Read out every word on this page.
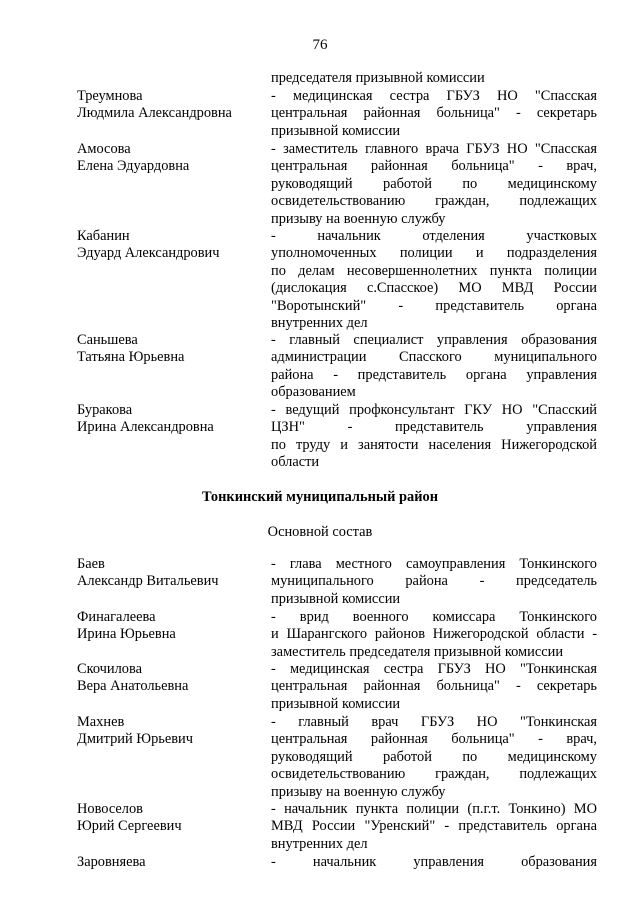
76
председателя призывной комиссии
Треумнова
Людмила Александровна
- медицинская сестра ГБУЗ НО "Спасская
центральная районная больница" - секретарь
призывной комиссии
Амосова
Елена Эдуардовна
- заместитель главного врача ГБУЗ НО "Спасская
центральная районная больница" - врач,
руководящий работой по медицинскому
освидетельствованию граждан, подлежащих
призыву на военную службу
Кабанин
Эдуард Александрович
- начальник отделения участковых
уполномоченных полиции и подразделения
по делам несовершеннолетних пункта полиции
(дислокация с.Спасское) МО МВД России
"Воротынский" - представитель органа
внутренних дел
Саньшева
Татьяна Юрьевна
- главный специалист управления образования
администрации Спасского муниципального
района - представитель органа управления
образованием
Буракова
Ирина Александровна
- ведущий профконсультант ГКУ НО "Спасский
ЦЗН" - представитель управления
по труду и занятости населения Нижегородской
области
Тонкинский муниципальный район
Основной состав
Баев
Александр Витальевич
- глава местного самоуправления Тонкинского
муниципального района - председатель
призывной комиссии
Финагалеева
Ирина Юрьевна
- врид военного комиссара Тонкинского
и Шарангского районов Нижегородской области -
заместитель председателя призывной комиссии
Скочилова
Вера Анатольевна
- медицинская сестра ГБУЗ НО "Тонкинская
центральная районная больница" - секретарь
призывной комиссии
Махнев
Дмитрий Юрьевич
- главный врач ГБУЗ НО "Тонкинская
центральная районная больница" - врач,
руководящий работой по медицинскому
освидетельствованию граждан, подлежащих
призыву на военную службу
Новоселов
Юрий Сергеевич
- начальник пункта полиции (п.г.т. Тонкино) МО
МВД России "Уренский" - представитель органа
внутренних дел
Заровняева	- начальник управления образования
